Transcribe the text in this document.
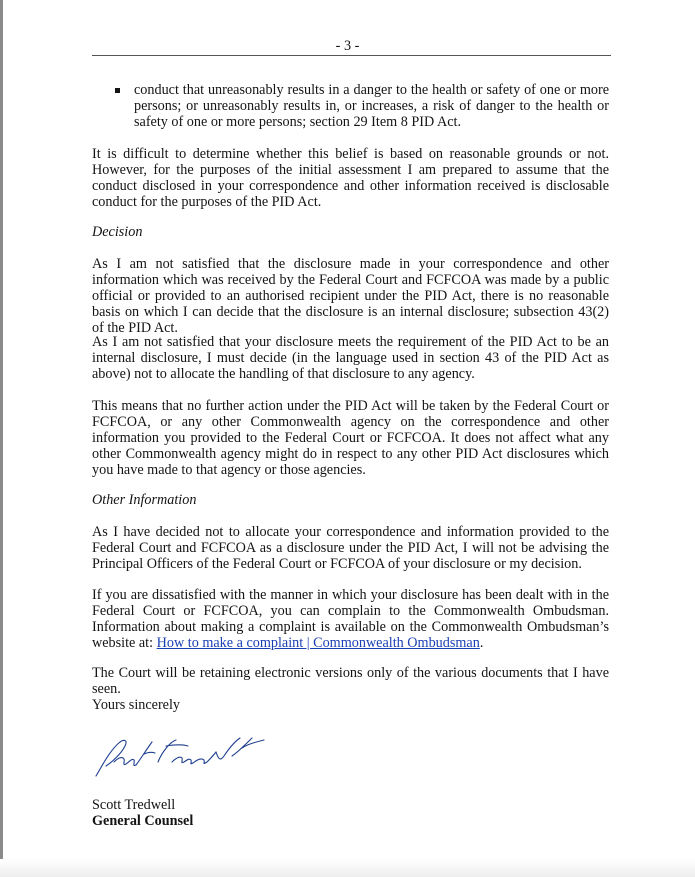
- 3 -

conduct that unreasonably results in a danger to the health or safety of one or more persons; or unreasonably results in, or increases, a risk of danger to the health or safety of one or more persons; section 29 Item 8 PID Act.

It is difficult to determine whether this belief is based on reasonable grounds or not. However, for the purposes of the initial assessment I am prepared to assume that the conduct disclosed in your correspondence and other information received is disclosable conduct for the purposes of the PID Act.

Decision

As I am not satisfied that the disclosure made in your correspondence and other information which was received by the Federal Court and FCFCOA was made by a public official or provided to an authorised recipient under the PID Act, there is no reasonable basis on which I can decide that the disclosure is an internal disclosure; subsection 43(2) of the PID Act.

As I am not satisfied that your disclosure meets the requirement of the PID Act to be an internal disclosure, I must decide (in the language used in section 43 of the PID Act as above) not to allocate the handling of that disclosure to any agency.

This means that no further action under the PID Act will be taken by the Federal Court or FCFCOA, or any other Commonwealth agency on the correspondence and other information you provided to the Federal Court or FCFCOA. It does not affect what any other Commonwealth agency might do in respect to any other PID Act disclosures which you have made to that agency or those agencies.

Other Information

As I have decided not to allocate your correspondence and information provided to the Federal Court and FCFCOA as a disclosure under the PID Act, I will not be advising the Principal Officers of the Federal Court or FCFCOA of your disclosure or my decision.

If you are dissatisfied with the manner in which your disclosure has been dealt with in the Federal Court or FCFCOA, you can complain to the Commonwealth Ombudsman. Information about making a complaint is available on the Commonwealth Ombudsman’s website at: How to make a complaint | Commonwealth Ombudsman.

The Court will be retaining electronic versions only of the various documents that I have seen.

Yours sincerely
Scott Tredwell
Scott Tredwell
General Counsel
